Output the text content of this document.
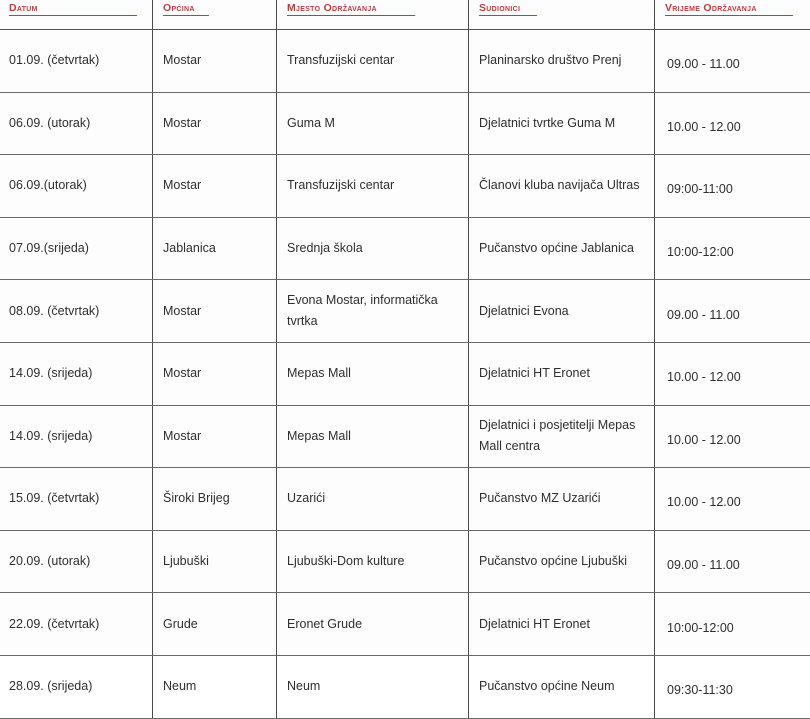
Datum	Općina	Mjesto Održavanja	Sudionici	Vrijeme Održavanja
01.09. (četvrtak)	Mostar	Transfuzijski centar	Planinarsko društvo Prenj	09.00 - 11.00
06.09. (utorak)	Mostar	Guma M	Djelatnici tvrtke Guma M	10.00 - 12.00
06.09.(utorak)	Mostar	Transfuzijski centar	Članovi kluba navijača Ultras	09:00-11:00
07.09.(srijeda)	Jablanica	Srednja škola	Pučanstvo općine Jablanica	10:00-12:00
08.09. (četvrtak)	Mostar	Evona Mostar, informatička tvrtka	Djelatnici Evona	09.00 - 11.00
14.09. (srijeda)	Mostar	Mepas Mall	Djelatnici HT Eronet	10.00 - 12.00
14.09. (srijeda)	Mostar	Mepas Mall	Djelatnici i posjetitelji Mepas Mall centra	10.00 - 12.00
15.09. (četvrtak)	Široki Brijeg	Uzarići	Pučanstvo MZ Uzarići	10.00 - 12.00
20.09. (utorak)	Ljubuški	Ljubuški-Dom kulture	Pučanstvo općine Ljubuški	09.00 - 11.00
22.09. (četvrtak)	Grude	Eronet Grude	Djelatnici HT Eronet	10:00-12:00
28.09. (srijeda)	Neum	Neum	Pučanstvo općine Neum	09:30-11:30
